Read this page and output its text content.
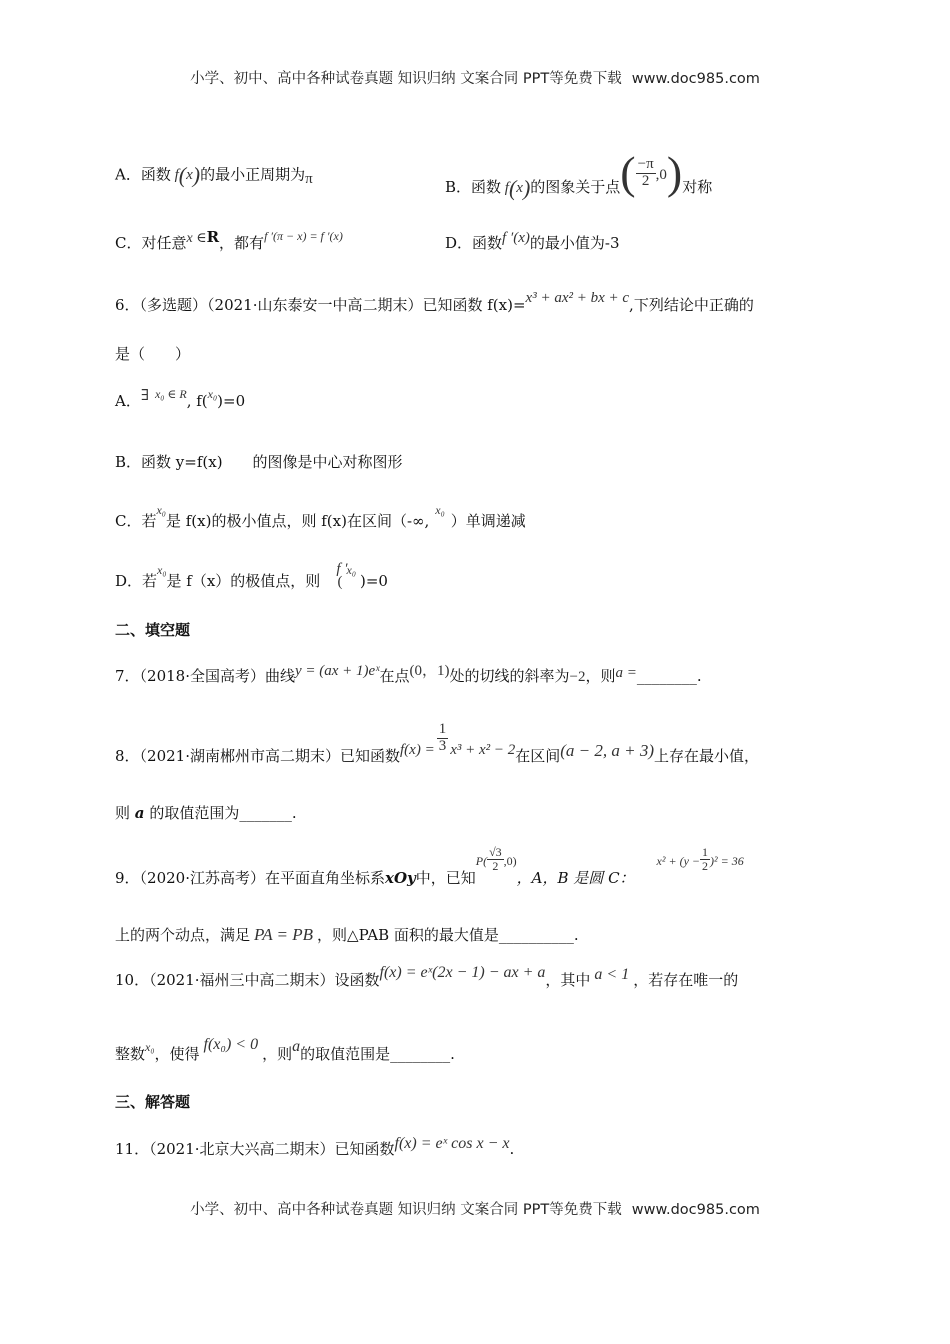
小学、初中、高中各种试卷真题 知识归纳 文案合同 PPT等免费下载 www.doc985.com
A．函数 f(x)的最小正周期为π	B．函数 f(x)的图象关于点( $\frac{-\pi}{2} ,0$)对称
C．对任意x ∈R，都有$^{f '(\pi - x) = f '(x)}$	D．函数f ′(x)的最小值为-3
6．（多选题）（2021·山东泰安一中高二期末）已知函数 f(x)=x³ + ax² + bx + c,下列结论中正确的
是（　　）
A．∃ $^{x_0 \in R}$, f($^{x_0}$)=0
B．函数 y=f(x)　　的图像是中心对称图形
C．若$^{x_0}$是 f(x)的极小值点，则 f(x)在区间（-∞,$^{x_0}$）单调递减
D．若$^{x_0}$是 f（x）的极值点，则f ′($^{x_0}$)=0
二、填空题
7．（2018·全国高考）曲线y = (ax + 1)eˣ在点(0，1)处的切线的斜率为−2，则a =________.
8．（2021·湖南郴州市高二期末）已知函数$f(x) = \frac{1}{3} x^3 + x^2 - 2$在区间(a − 2, a + 3)上存在最小值，
则 a 的取值范围为_______.
9．（2020·江苏高考）在平面直角坐标系xOy中，已知$_{P(} \frac{√3}{2} _{,0)}$，A，B 是圆 C：$_{x^2 + (y -} \frac{1}{2} _{)^2 = 36}$
上的两个动点，满足 PA = PB ，则△PAB 面积的最大值是__________.
10．（2021·福州三中高二期末）设函数f(x) = eˣ(2x − 1) − ax + a，其中 a < 1 ，若存在唯一的
整数$^{x_0}$，使得f(x₀) < 0，则a的取值范围是________.
三、解答题
11．（2021·北京大兴高二期末）已知函数f(x) = eˣ cos x − x.
小学、初中、高中各种试卷真题 知识归纳 文案合同 PPT等免费下载 www.doc985.com
